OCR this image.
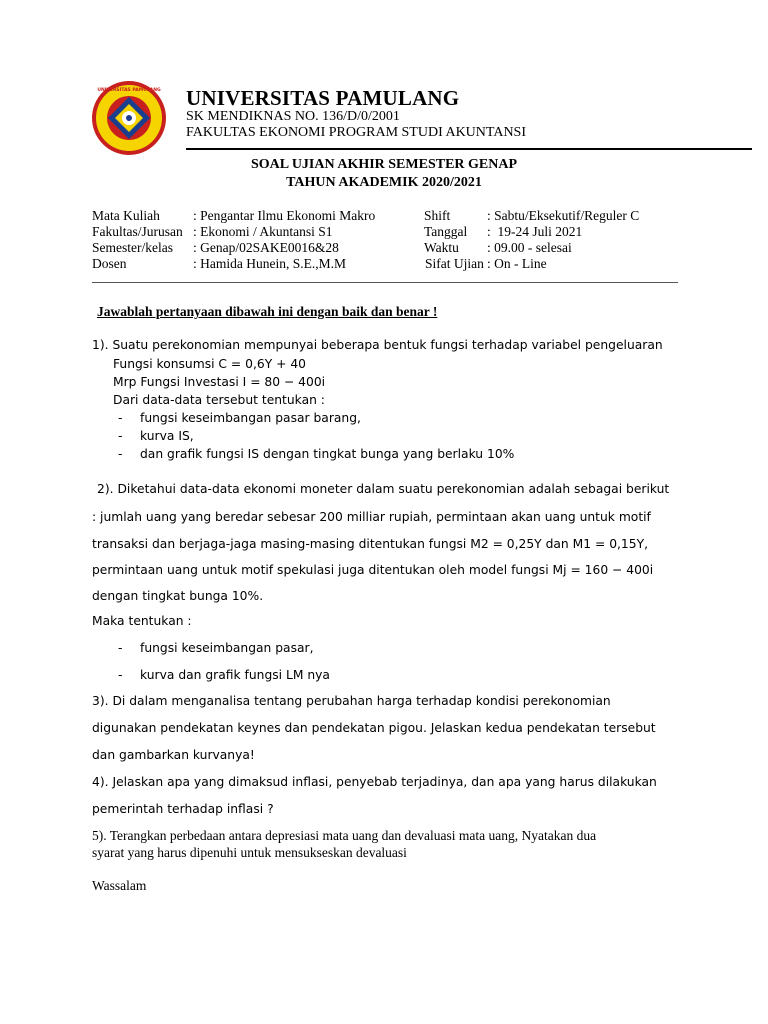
UNIVERSITAS PAMULANG UNIVERSITAS PAMULANG
SK MENDIKNAS NO. 136/D/0/2001
FAKULTAS EKONOMI PROGRAM STUDI AKUNTANSI
SOAL UJIAN AKHIR SEMESTER GENAP
TAHUN AKADEMIK 2020/2021
Mata Kuliah : Pengantar Ilmu Ekonomi Makro
Fakultas/Jurusan : Ekonomi / Akuntansi S1
Semester/kelas : Genap/02SAKE0016&28
Dosen	: Hamida Hunein, S.E.,M.M
Shift	: Sabtu/Eksekutif/Reguler C
Tanggal :  19-24 Juli 2021
Waktu : 09.00 - selesai
Sifat Ujian : On - Line
Jawablah pertanyaan dibawah ini dengan baik dan benar !
1). Suatu perekonomian mempunyai beberapa bentuk fungsi terhadap variabel pengeluaran
Fungsi konsumsi C = 0,6Y + 40
Mrp Fungsi Investasi I = 80 − 400i
Dari data-data tersebut tentukan :
- fungsi keseimbangan pasar barang,
- kurva IS,
- dan grafik fungsi IS dengan tingkat bunga yang berlaku 10%
2). Diketahui data-data ekonomi moneter dalam suatu perekonomian adalah sebagai berikut
: jumlah uang yang beredar sebesar 200 milliar rupiah, permintaan akan uang untuk motif
transaksi dan berjaga-jaga masing-masing ditentukan fungsi M2 = 0,25Y dan M1 = 0,15Y,
permintaan uang untuk motif spekulasi juga ditentukan oleh model fungsi Mj = 160 − 400i
dengan tingkat bunga 10%.
Maka tentukan :
- fungsi keseimbangan pasar,
- kurva dan grafik fungsi LM nya
3). Di dalam menganalisa tentang perubahan harga terhadap kondisi perekonomian
digunakan pendekatan keynes dan pendekatan pigou. Jelaskan kedua pendekatan tersebut
dan gambarkan kurvanya!
4). Jelaskan apa yang dimaksud inflasi, penyebab terjadinya, dan apa yang harus dilakukan
pemerintah terhadap inflasi ?
5). Terangkan perbedaan antara depresiasi mata uang dan devaluasi mata uang, Nyatakan dua
syarat yang harus dipenuhi untuk mensukseskan devaluasi
Wassalam
